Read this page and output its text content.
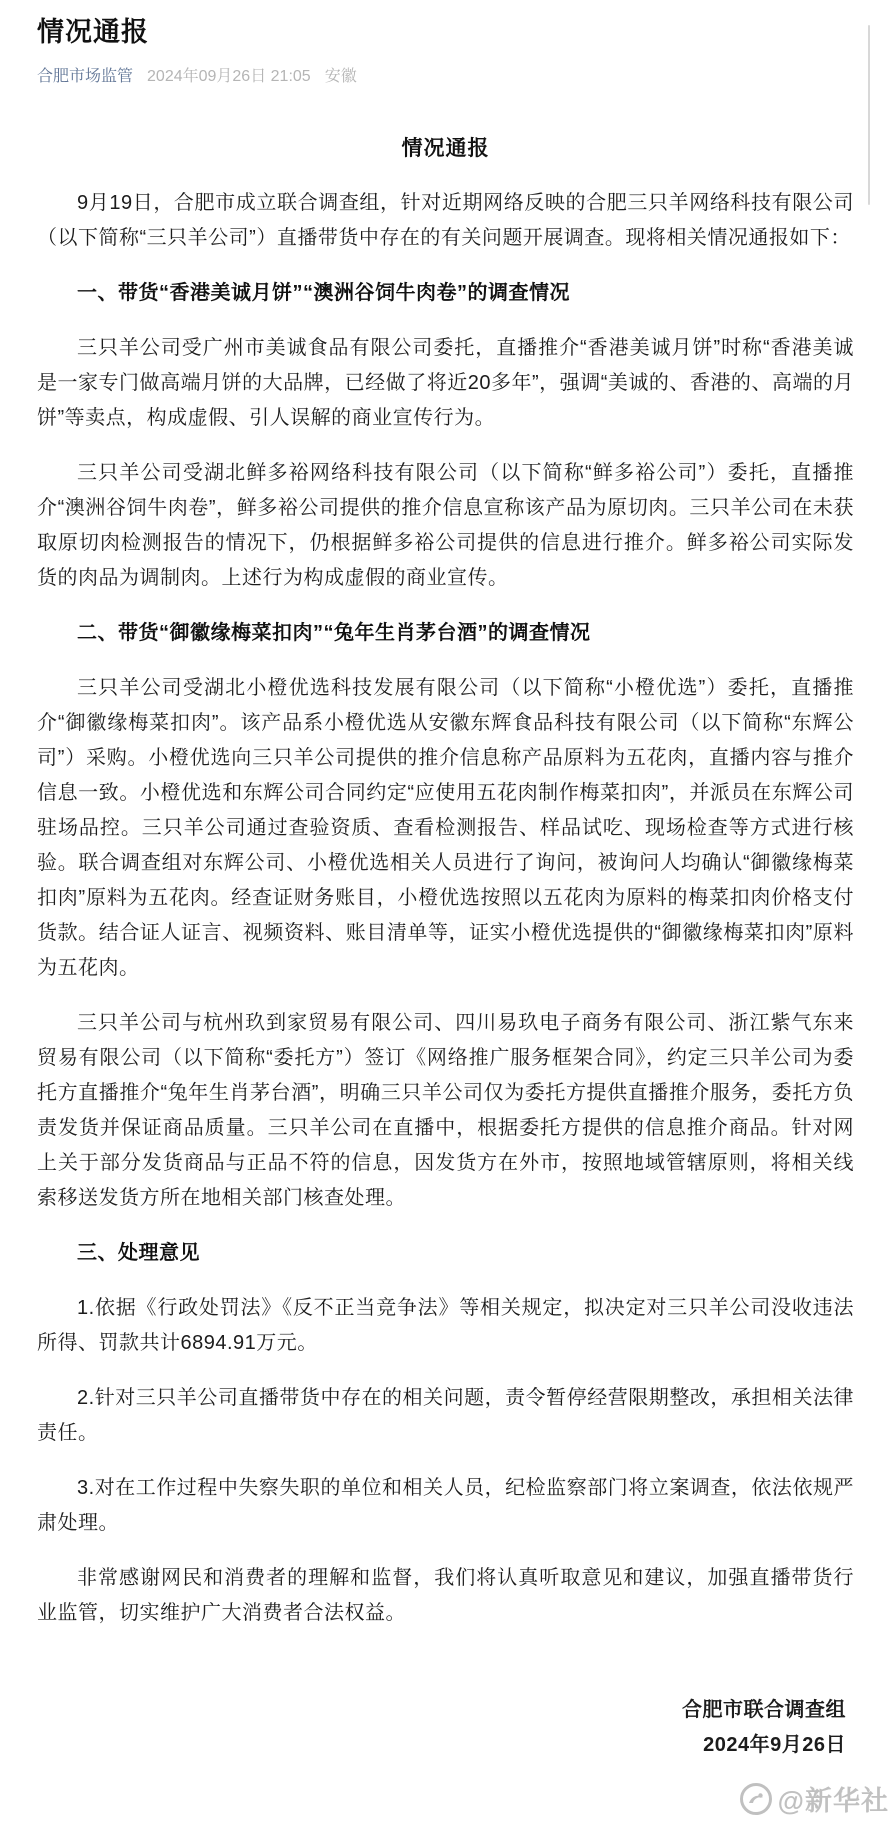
情况通报
合肥市场监管 2024年09月26日 21:05 安徽
情况通报

9月19日，合肥市成立联合调查组，针对近期网络反映的合肥三只羊网络科技有限公司（以下简称“三只羊公司”）直播带货中存在的有关问题开展调查。现将相关情况通报如下：

一、带货“香港美诚月饼”“澳洲谷饲牛肉卷”的调查情况

三只羊公司受广州市美诚食品有限公司委托，直播推介“香港美诚月饼”时称“香港美诚是一家专门做高端月饼的大品牌，已经做了将近20多年”，强调“美诚的、香港的、高端的月饼”等卖点，构成虚假、引人误解的商业宣传行为。

三只羊公司受湖北鲜多裕网络科技有限公司（以下简称“鲜多裕公司”）委托，直播推介“澳洲谷饲牛肉卷”，鲜多裕公司提供的推介信息宣称该产品为原切肉。三只羊公司在未获取原切肉检测报告的情况下，仍根据鲜多裕公司提供的信息进行推介。鲜多裕公司实际发货的肉品为调制肉。上述行为构成虚假的商业宣传。

二、带货“御徽缘梅菜扣肉”“兔年生肖茅台酒”的调查情况

三只羊公司受湖北小橙优选科技发展有限公司（以下简称“小橙优选”）委托，直播推介“御徽缘梅菜扣肉”。该产品系小橙优选从安徽东辉食品科技有限公司（以下简称“东辉公司”）采购。小橙优选向三只羊公司提供的推介信息称产品原料为五花肉，直播内容与推介信息一致。小橙优选和东辉公司合同约定“应使用五花肉制作梅菜扣肉”，并派员在东辉公司驻场品控。三只羊公司通过查验资质、查看检测报告、样品试吃、现场检查等方式进行核验。联合调查组对东辉公司、小橙优选相关人员进行了询问，被询问人均确认“御徽缘梅菜扣肉”原料为五花肉。经查证财务账目，小橙优选按照以五花肉为原料的梅菜扣肉价格支付货款。结合证人证言、视频资料、账目清单等，证实小橙优选提供的“御徽缘梅菜扣肉”原料为五花肉。

三只羊公司与杭州玖到家贸易有限公司、四川易玖电子商务有限公司、浙江紫气东来贸易有限公司（以下简称“委托方”）签订《网络推广服务框架合同》，约定三只羊公司为委托方直播推介“兔年生肖茅台酒”，明确三只羊公司仅为委托方提供直播推介服务，委托方负责发货并保证商品质量。三只羊公司在直播中，根据委托方提供的信息推介商品。针对网上关于部分发货商品与正品不符的信息，因发货方在外市，按照地域管辖原则，将相关线索移送发货方所在地相关部门核查处理。

三、处理意见

1.依据《行政处罚法》《反不正当竞争法》等相关规定，拟决定对三只羊公司没收违法所得、罚款共计6894.91万元。

2.针对三只羊公司直播带货中存在的相关问题，责令暂停经营限期整改，承担相关法律责任。

3.对在工作过程中失察失职的单位和相关人员，纪检监察部门将立案调查，依法依规严肃处理。

非常感谢网民和消费者的理解和监督，我们将认真听取意见和建议，加强直播带货行业监管，切实维护广大消费者合法权益。

合肥市联合调查组
2024年9月26日
@新华社
